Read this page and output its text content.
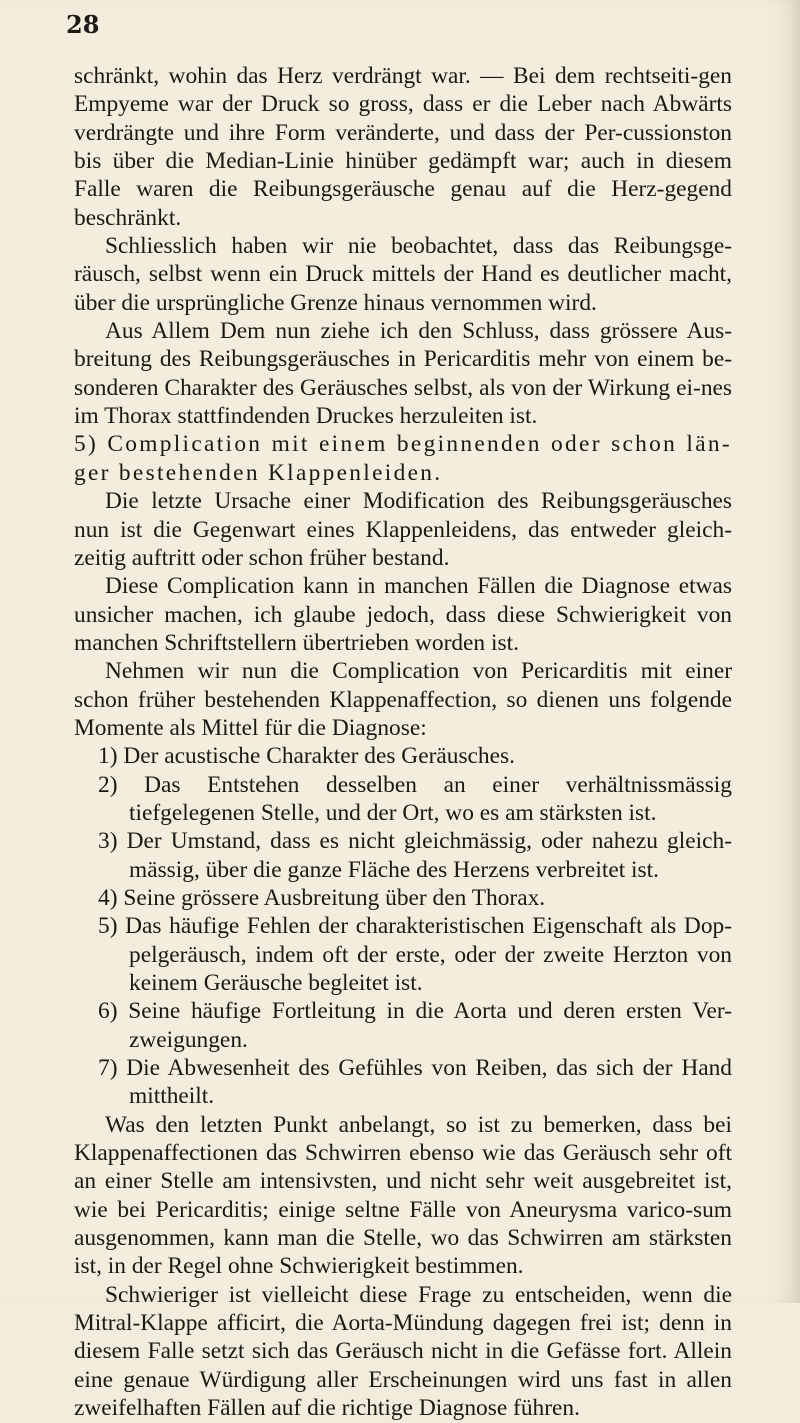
28

schränkt, wohin das Herz verdrängt war. — Bei dem rechtseiti-gen Empyeme war der Druck so gross, dass er die Leber nach Abwärts verdrängte und ihre Form veränderte, und dass der Per-cussionston bis über die Median-Linie hinüber gedämpft war; auch in diesem Falle waren die Reibungsgeräusche genau auf die Herz-gegend beschränkt.

Schliesslich haben wir nie beobachtet, dass das Reibungsge-räusch, selbst wenn ein Druck mittels der Hand es deutlicher macht, über die ursprüngliche Grenze hinaus vernommen wird.

Aus Allem Dem nun ziehe ich den Schluss, dass grössere Aus-breitung des Reibungsgeräusches in Pericarditis mehr von einem be-sonderen Charakter des Geräusches selbst, als von der Wirkung ei-nes im Thorax stattfindenden Druckes herzuleiten ist.

5) Complication mit einem beginnenden oder schon län-ger bestehenden Klappenleiden.

Die letzte Ursache einer Modification des Reibungsgeräusches nun ist die Gegenwart eines Klappenleidens, das entweder gleich-zeitig auftritt oder schon früher bestand.

Diese Complication kann in manchen Fällen die Diagnose etwas unsicher machen, ich glaube jedoch, dass diese Schwierigkeit von manchen Schriftstellern übertrieben worden ist.

Nehmen wir nun die Complication von Pericarditis mit einer schon früher bestehenden Klappenaffection, so dienen uns folgende Momente als Mittel für die Diagnose:

1) Der acustische Charakter des Geräusches.

2) Das Entstehen desselben an einer verhältnissmässig tiefgelegenen Stelle, und der Ort, wo es am stärksten ist.

3) Der Umstand, dass es nicht gleichmässig, oder nahezu gleich-mässig, über die ganze Fläche des Herzens verbreitet ist.

4) Seine grössere Ausbreitung über den Thorax.

5) Das häufige Fehlen der charakteristischen Eigenschaft als Dop-pelgeräusch, indem oft der erste, oder der zweite Herzton von keinem Geräusche begleitet ist.

6) Seine häufige Fortleitung in die Aorta und deren ersten Ver-zweigungen.

7) Die Abwesenheit des Gefühles von Reiben, das sich der Hand mittheilt.

Was den letzten Punkt anbelangt, so ist zu bemerken, dass bei Klappenaffectionen das Schwirren ebenso wie das Geräusch sehr oft an einer Stelle am intensivsten, und nicht sehr weit ausgebreitet ist, wie bei Pericarditis; einige seltne Fälle von Aneurysma varico-sum ausgenommen, kann man die Stelle, wo das Schwirren am stärksten ist, in der Regel ohne Schwierigkeit bestimmen.

Schwieriger ist vielleicht diese Frage zu entscheiden, wenn die Mitral-Klappe afficirt, die Aorta-Mündung dagegen frei ist; denn in diesem Falle setzt sich das Geräusch nicht in die Gefässe fort. Allein eine genaue Würdigung aller Erscheinungen wird uns fast in allen zweifelhaften Fällen auf die richtige Diagnose führen.
